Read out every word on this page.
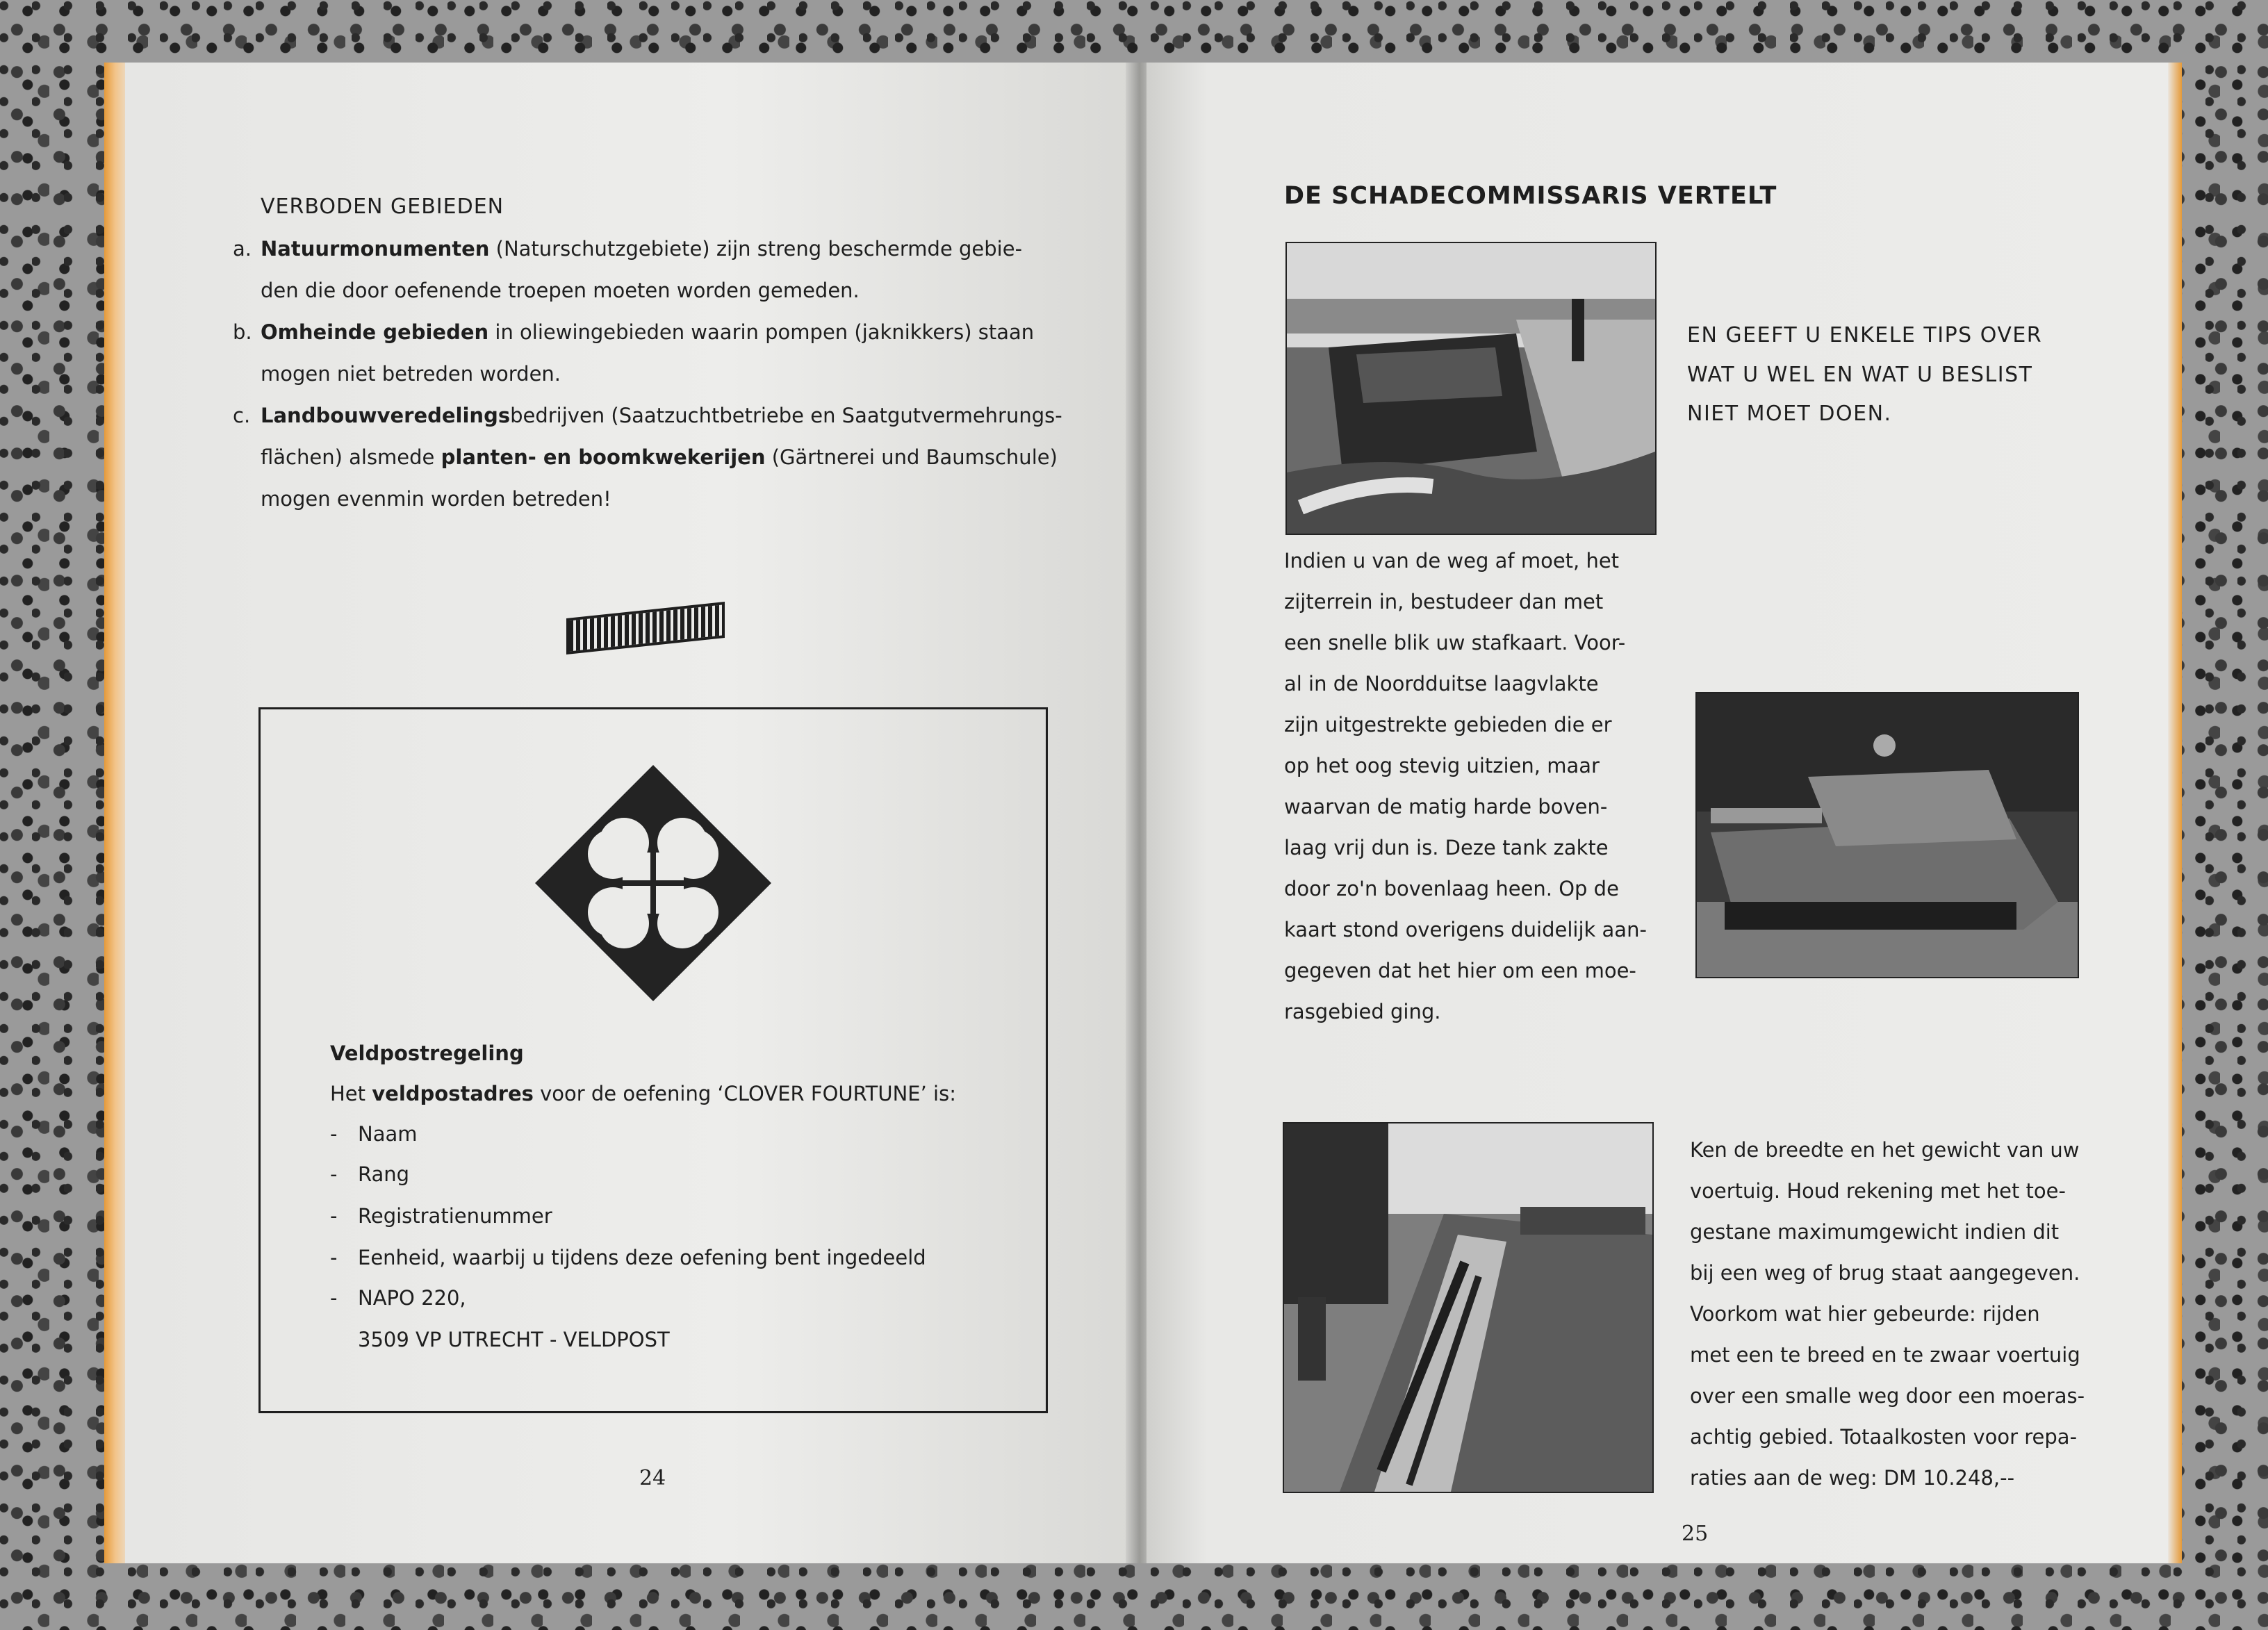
VERBODEN GEBIEDEN
a. Natuurmonumenten (Naturschutzgebiete) zijn streng beschermde gebie-
den die door oefenende troepen moeten worden gemeden.
b. Omheinde gebieden in oliewingebieden waarin pompen (jaknikkers) staan
mogen niet betreden worden.
c. Landbouwveredelingsbedrijven (Saatzuchtbetriebe en Saatgutvermehrungs-
flächen) alsmede planten- en boomkwekerijen (Gärtnerei und Baumschule)
mogen evenmin worden betreden!
Veldpostregeling
Het veldpostadres voor de oefening ‘CLOVER FOURTUNE’ is:
- Naam
- Rang
- Registratienummer
- Eenheid, waarbij u tijdens deze oefening bent ingedeeld
- NAPO 220,
3509 VP UTRECHT - VELDPOST
24
DE SCHADECOMMISSARIS VERTELT
EN GEEFT U ENKELE TIPS OVER
WAT U WEL EN WAT U BESLIST
NIET MOET DOEN.
Indien u van de weg af moet, het
zijterrein in, bestudeer dan met
een snelle blik uw stafkaart. Voor-
al in de Noordduitse laagvlakte
zijn uitgestrekte gebieden die er
op het oog stevig uitzien, maar
waarvan de matig harde boven-
laag vrij dun is. Deze tank zakte
door zo'n bovenlaag heen. Op de
kaart stond overigens duidelijk aan-
gegeven dat het hier om een moe-
rasgebied ging.
Ken de breedte en het gewicht van uw
voertuig. Houd rekening met het toe-
gestane maximumgewicht indien dit
bij een weg of brug staat aangegeven.
Voorkom wat hier gebeurde: rijden
met een te breed en te zwaar voertuig
over een smalle weg door een moeras-
achtig gebied. Totaalkosten voor repa-
raties aan de weg: DM 10.248,--
25
